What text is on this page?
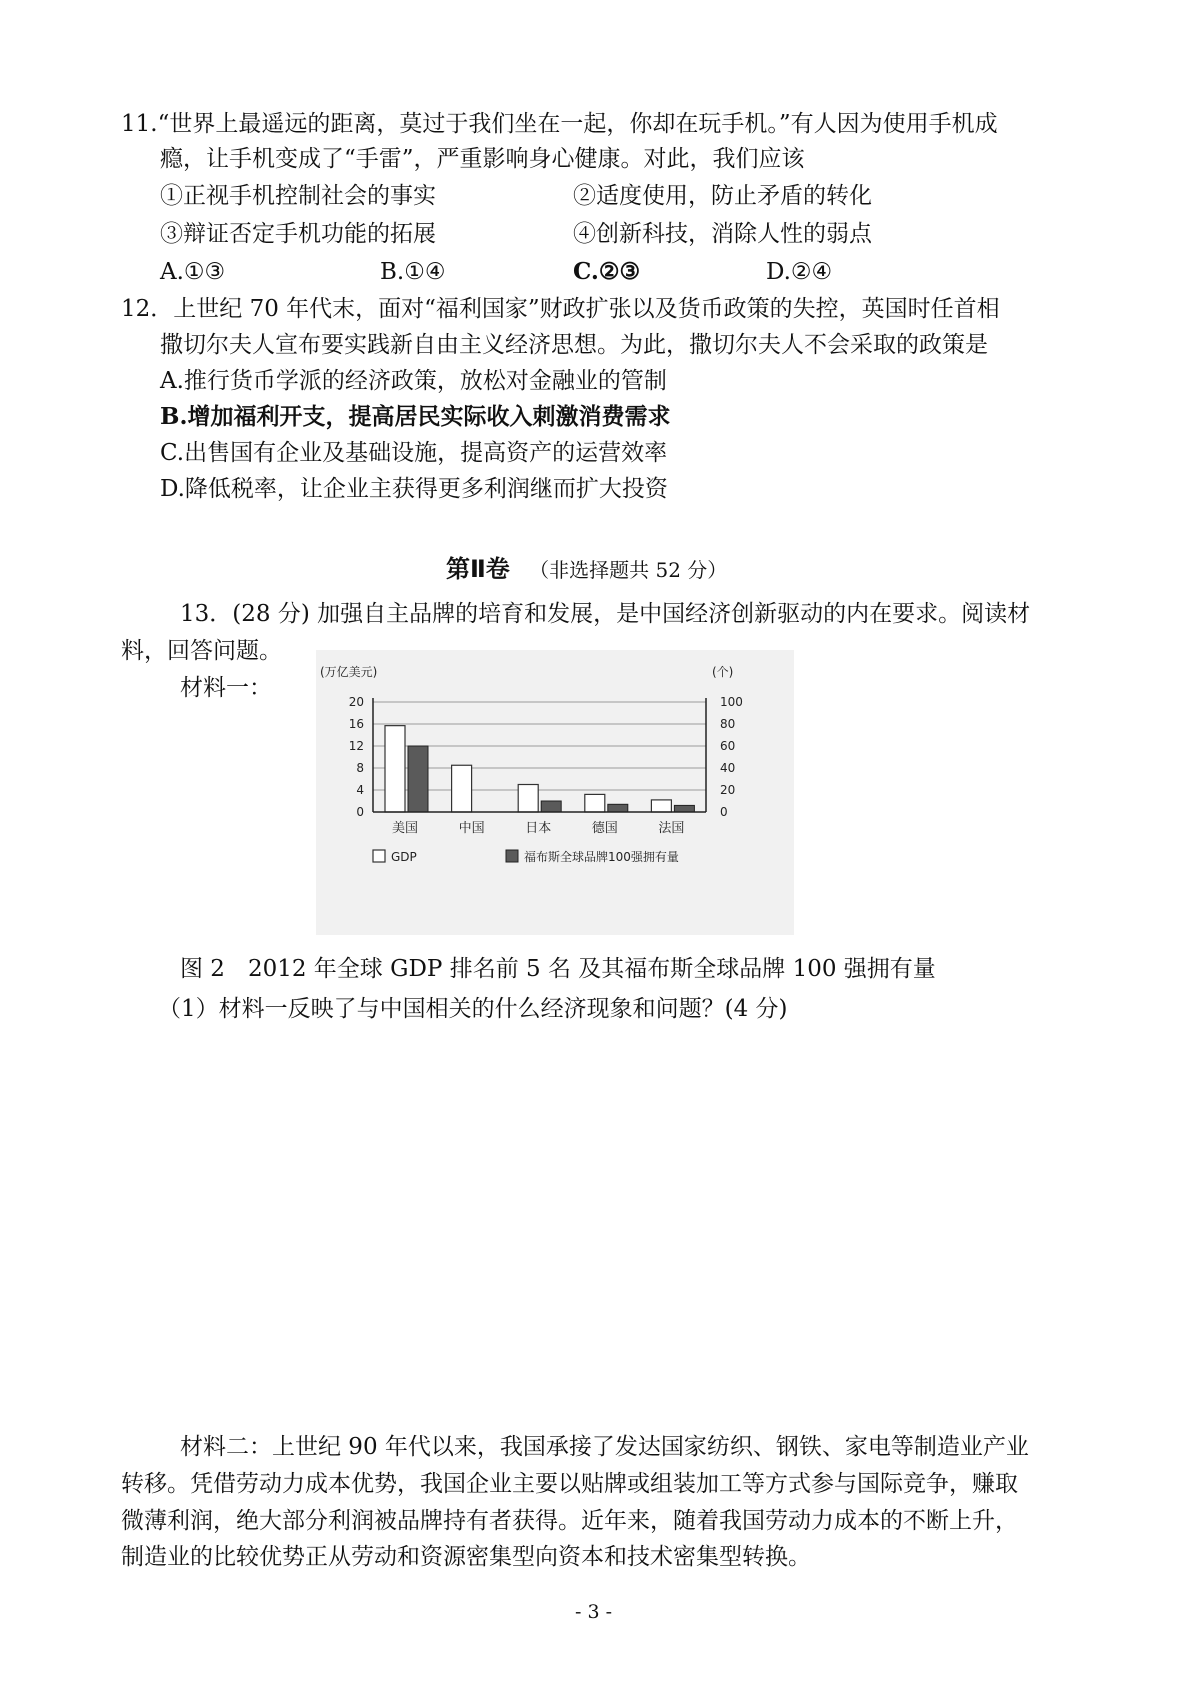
11.“世界上最遥远的距离，莫过于我们坐在一起，你却在玩手机。”有人因为使用手机成
瘾，让手机变成了“手雷”，严重影响身心健康。对此，我们应该
①正视手机控制社会的事实	②适度使用，防止矛盾的转化
③辩证否定手机功能的拓展	④创新科技，消除人性的弱点
A.①③	B.①④	C.②③	D.②④
12．上世纪 70 年代末，面对“福利国家”财政扩张以及货币政策的失控，英国时任首相
撒切尔夫人宣布要实践新自由主义经济思想。为此，撒切尔夫人不会采取的政策是
A.推行货币学派的经济政策，放松对金融业的管制
B.增加福利开支，提高居民实际收入刺激消费需求
C.出售国有企业及基础设施，提高资产的运营效率
D.降低税率，让企业主获得更多利润继而扩大投资
第Ⅱ卷 （非选择题共 52 分）
13．(28 分) 加强自主品牌的培育和发展，是中国经济创新驱动的内在要求。阅读材
料，回答问题。
材料一：
0
4
8
12
16
20
0
20
40
60
80
100
(万亿美元)	(个)
美国	中国	日本	德国	法国
GDP	福布斯全球品牌100强拥有量
图 2　2012 年全球 GDP 排名前 5 名 及其福布斯全球品牌 100 强拥有量
（1）材料一反映了与中国相关的什么经济现象和问题？(4 分)
材料二：上世纪 90 年代以来，我国承接了发达国家纺织、钢铁、家电等制造业产业
转移。凭借劳动力成本优势，我国企业主要以贴牌或组装加工等方式参与国际竞争，赚取
微薄利润，绝大部分利润被品牌持有者获得。近年来，随着我国劳动力成本的不断上升，
制造业的比较优势正从劳动和资源密集型向资本和技术密集型转换。
- 3 -
